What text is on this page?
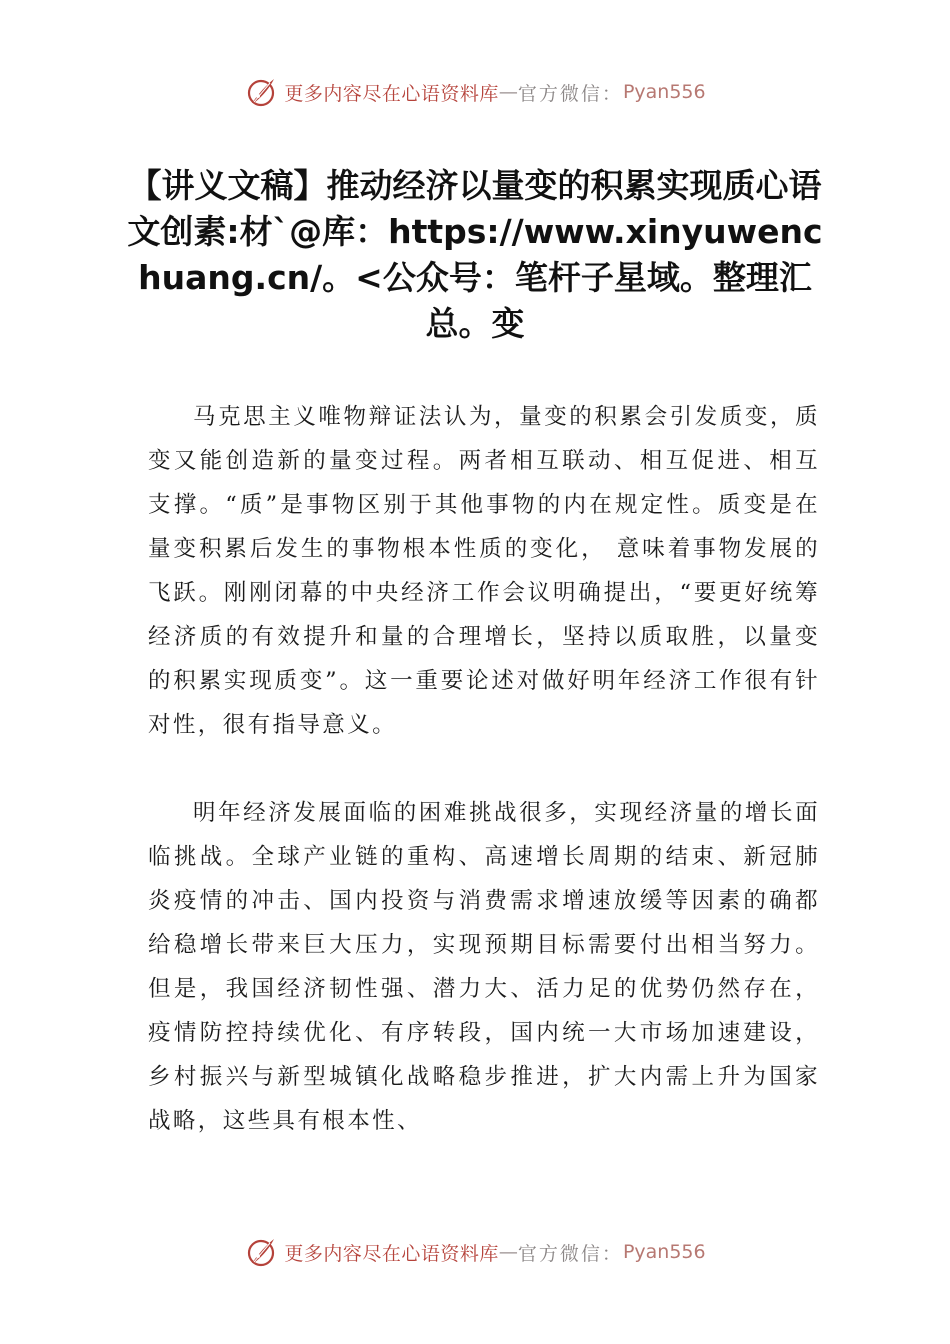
更多内容尽在心语资料库 — 官方微信： Pyan556
【讲义文稿】推动经济以量变的积累实现质心语文创素:材`@库：https://www.xinyuwenchuang.cn/。<公众号：笔杆子星域。整理汇总。变

马克思主义唯物辩证法认为，量变的积累会引发质变，质变又能创造新的量变过程。两者相互联动、相互促进、相互支撑。“质”是事物区别于其他事物的内在规定性。质变是在量变积累后发生的事物根本性质的变化， 意味着事物发展的飞跃。刚刚闭幕的中央经济工作会议明确提出，“要更好统筹经济质的有效提升和量的合理增长，坚持以质取胜，以量变的积累实现质变”。这一重要论述对做好明年经济工作很有针对性，很有指导意义。

明年经济发展面临的困难挑战很多，实现经济量的增长面临挑战。全球产业链的重构、高速增长周期的结束、新冠肺炎疫情的冲击、国内投资与消费需求增速放缓等因素的确都给稳增长带来巨大压力，实现预期目标需要付出相当努力。但是，我国经济韧性强、潜力大、活力足的优势仍然存在，疫情防控持续优化、有序转段，国内统一大市场加速建设，乡村振兴与新型城镇化战略稳步推进，扩大内需上升为国家战略，这些具有根本性、

更多内容尽在心语资料库 — 官方微信： Pyan556
